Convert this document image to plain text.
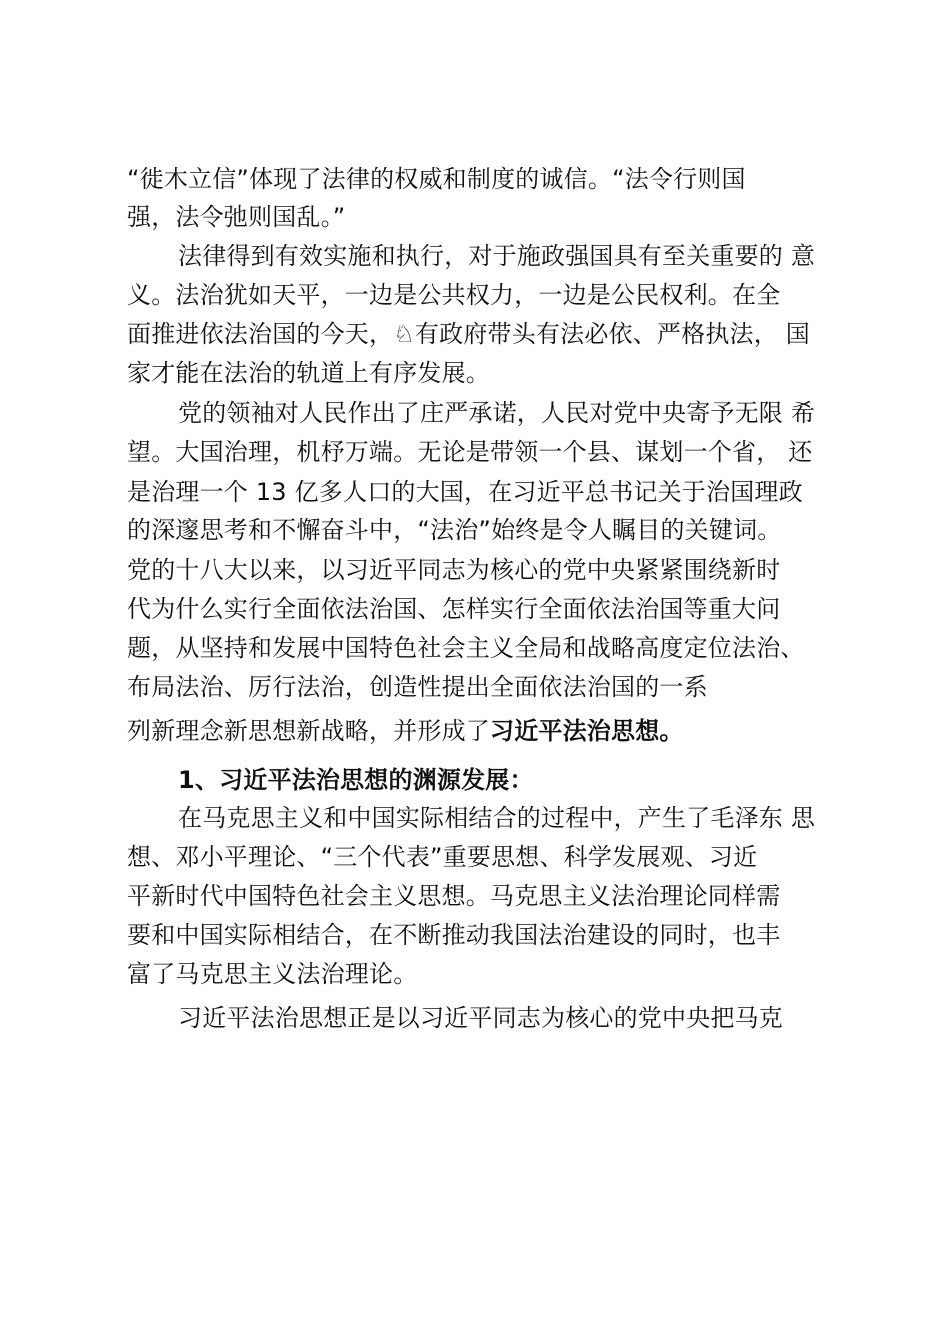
“徙木立信”体现了法律的权威和制度的诚信。“法令行则国
强，法令弛则国乱。”
法律得到有效实施和执行，对于施政强国具有至关重要的 意
义。法治犹如天平，一边是公共权力，一边是公民权利。在全
面推进依法治国的今天，♘有政府带头有法必依、严格执法， 国
家才能在法治的轨道上有序发展。
党的领袖对人民作出了庄严承诺，人民对党中央寄予无限 希
望。大国治理，机杼万端。无论是带领一个县、谋划一个省， 还
是治理一个 13 亿多人口的大国，在习近平总书记关于治国理政
的深邃思考和不懈奋斗中，“法治”始终是令人瞩目的关键词。
党的十八大以来，以习近平同志为核心的党中央紧紧围绕新时
代为什么实行全面依法治国、怎样实行全面依法治国等重大问
题，从坚持和发展中国特色社会主义全局和战略高度定位法治、
布局法治、厉行法治，创造性提出全面依法治国的一系
列新理念新思想新战略，并形成了习近平法治思想。
1、习近平法治思想的渊源发展：
在马克思主义和中国实际相结合的过程中，产生了毛泽东 思
想、邓小平理论、“三个代表”重要思想、科学发展观、习近
平新时代中国特色社会主义思想。马克思主义法治理论同样需
要和中国实际相结合，在不断推动我国法治建设的同时，也丰
富了马克思主义法治理论。
习近平法治思想正是以习近平同志为核心的党中央把马克
